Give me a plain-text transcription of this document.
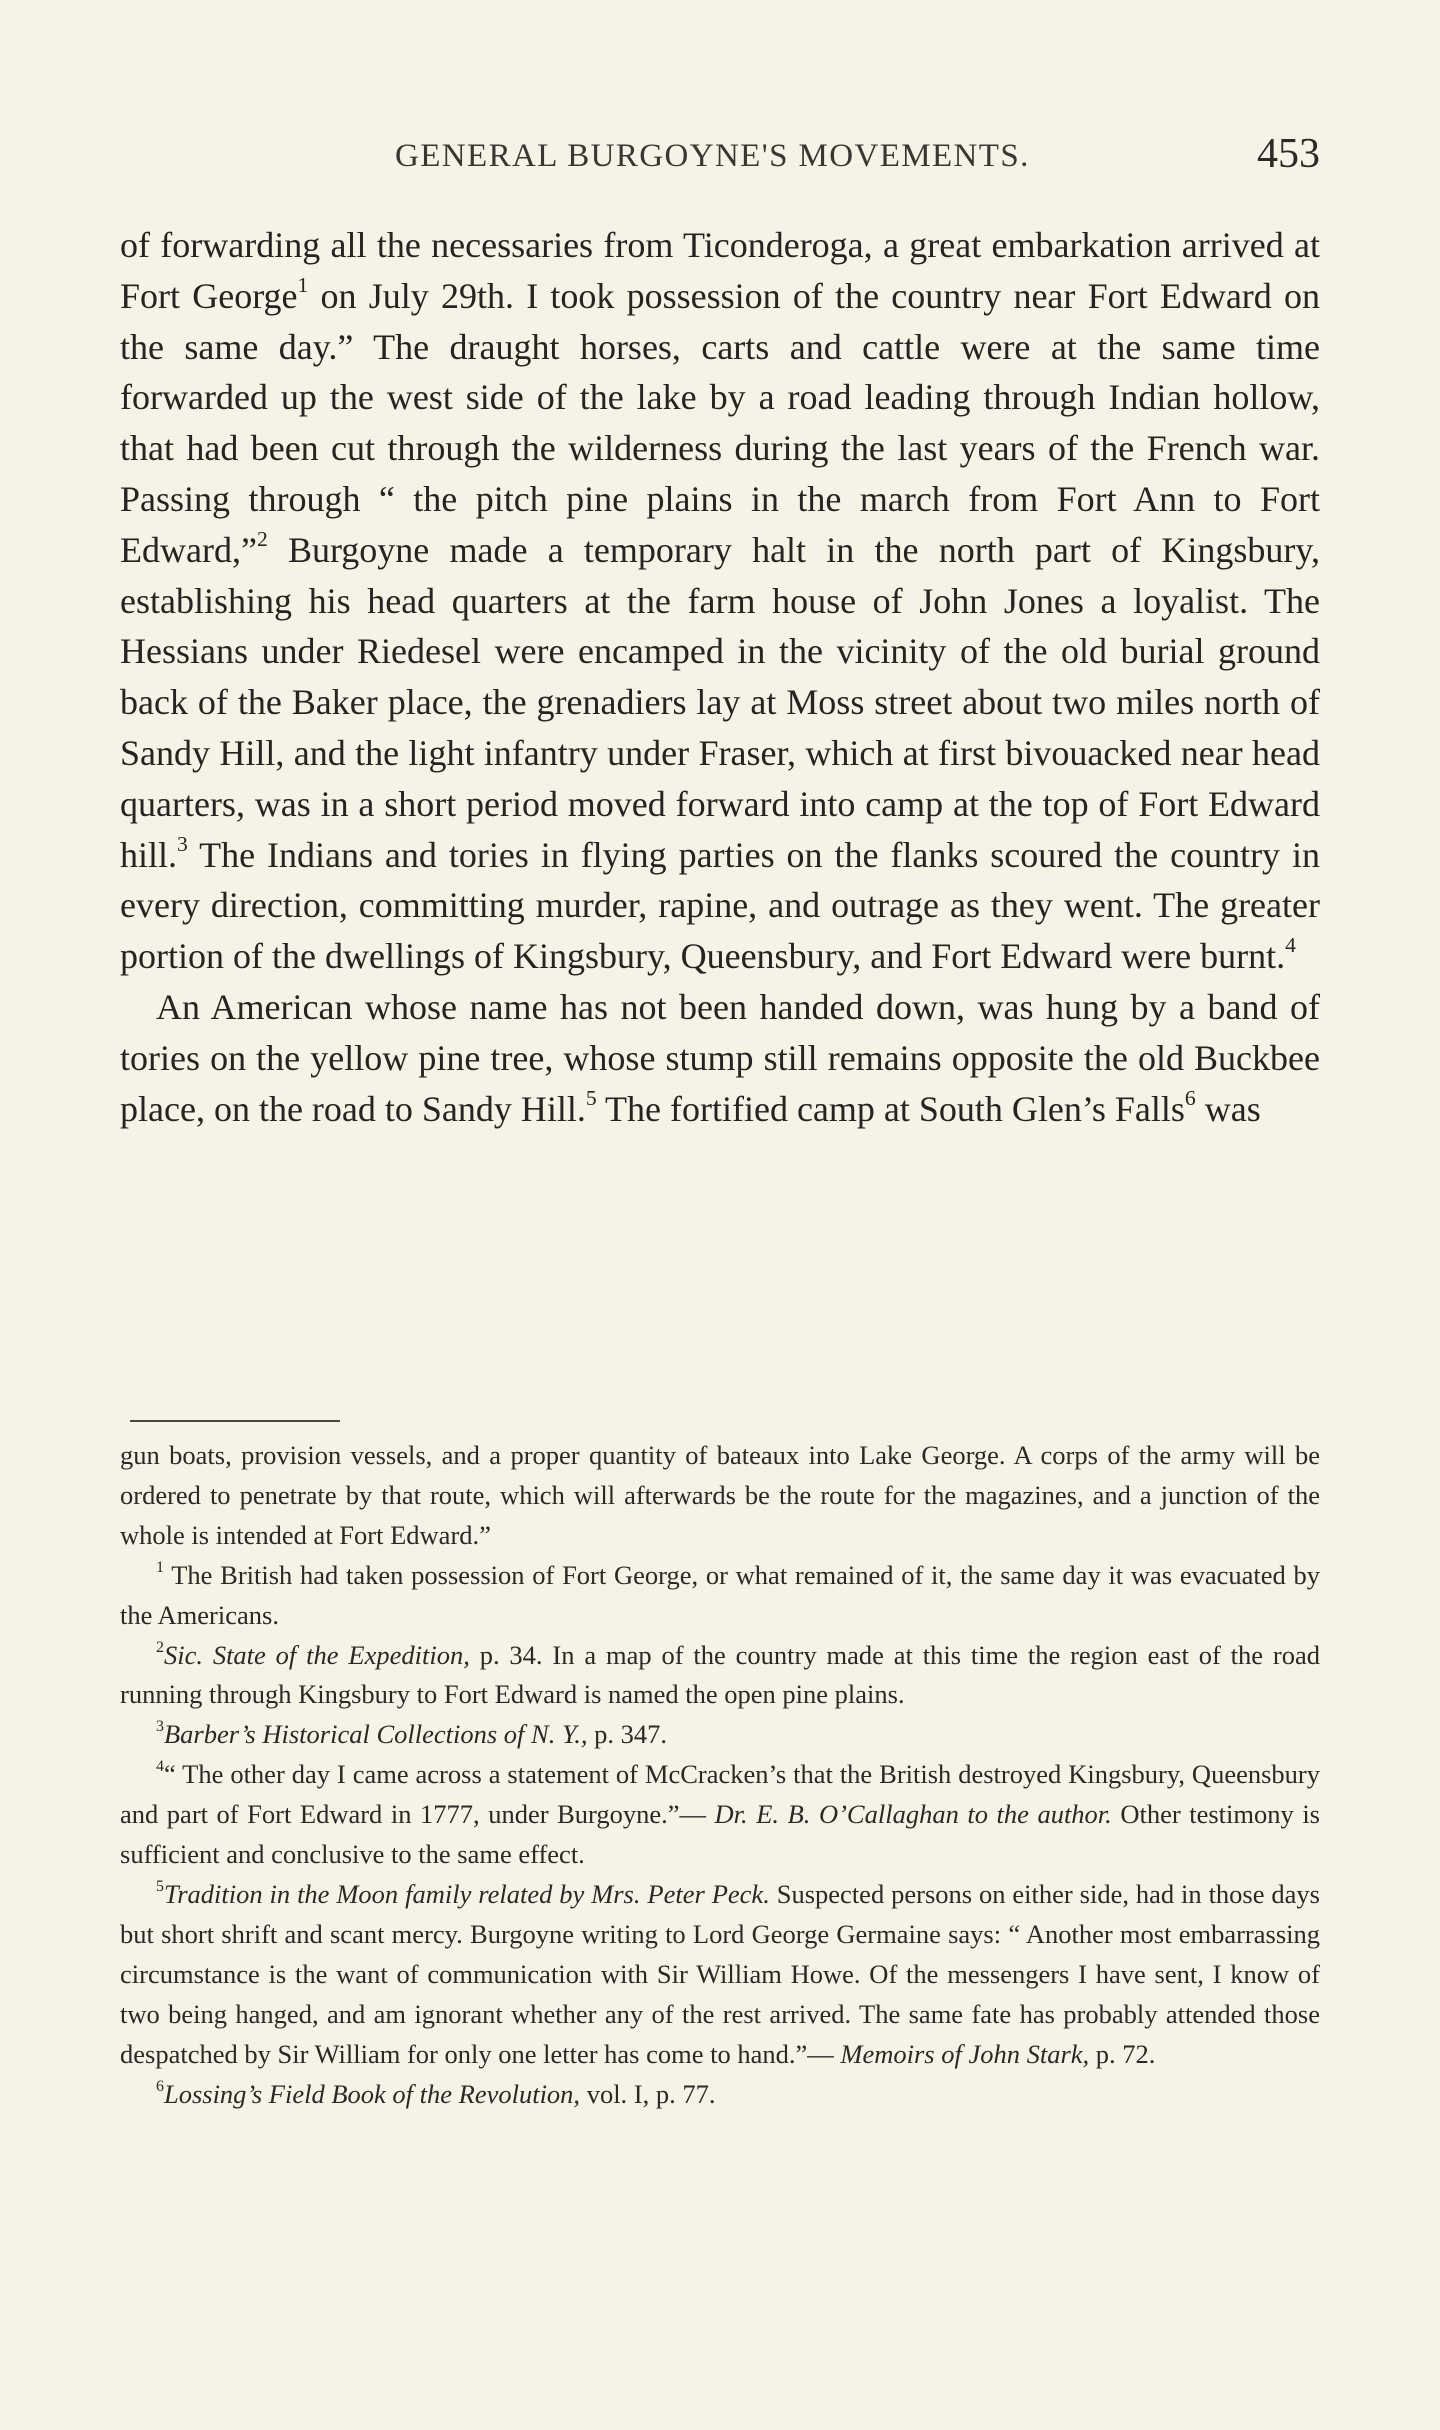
GENERAL BURGOYNE'S MOVEMENTS.	453

of forwarding all the necessaries from Ticonderoga, a great embarkation arrived at Fort George$^1$ on July 29th. I took possession of the country near Fort Edward on the same day.” The draught horses, carts and cattle were at the same time forwarded up the west side of the lake by a road leading through Indian hollow, that had been cut through the wilderness during the last years of the French war. Passing through “ the pitch pine plains in the march from Fort Ann to Fort Edward,”$^2$ Burgoyne made a temporary halt in the north part of Kingsbury, establishing his head quarters at the farm house of John Jones a loyalist. The Hessians under Riedesel were encamped in the vicinity of the old burial ground back of the Baker place, the grenadiers lay at Moss street about two miles north of Sandy Hill, and the light infantry under Fraser, which at first bivouacked near head quarters, was in a short period moved forward into camp at the top of Fort Edward hill.$^3$ The Indians and tories in flying parties on the flanks scoured the country in every direction, committing murder, rapine, and outrage as they went. The greater portion of the dwellings of Kingsbury, Queensbury, and Fort Edward were burnt.$^4$

An American whose name has not been handed down, was hung by a band of tories on the yellow pine tree, whose stump still remains opposite the old Buckbee place, on the road to Sandy Hill.$^5$ The fortified camp at South Glen’s Falls$^6$ was

gun boats, provision vessels, and a proper quantity of bateaux into Lake George. A corps of the army will be ordered to penetrate by that route, which will afterwards be the route for the magazines, and a junction of the whole is intended at Fort Edward.”

$^1$ The British had taken possession of Fort George, or what remained of it, the same day it was evacuated by the Americans.

$^2$Sic. State of the Expedition, p. 34. In a map of the country made at this time the region east of the road running through Kingsbury to Fort Edward is named the open pine plains.

$^3$Barber’s Historical Collections of N. Y., p. 347.

$^4$“ The other day I came across a statement of McCracken’s that the British destroyed Kingsbury, Queensbury and part of Fort Edward in 1777, under Burgoyne.”— Dr. E. B. O’Callaghan to the author. Other testimony is sufficient and conclusive to the same effect.

$^5$Tradition in the Moon family related by Mrs. Peter Peck. Suspected persons on either side, had in those days but short shrift and scant mercy. Burgoyne writing to Lord George Germaine says: “ Another most embarrassing circumstance is the want of communication with Sir William Howe. Of the messengers I have sent, I know of two being hanged, and am ignorant whether any of the rest arrived. The same fate has probably attended those despatched by Sir William for only one letter has come to hand.”— Memoirs of John Stark, p. 72.

$^6$Lossing’s Field Book of the Revolution, vol. I, p. 77.
